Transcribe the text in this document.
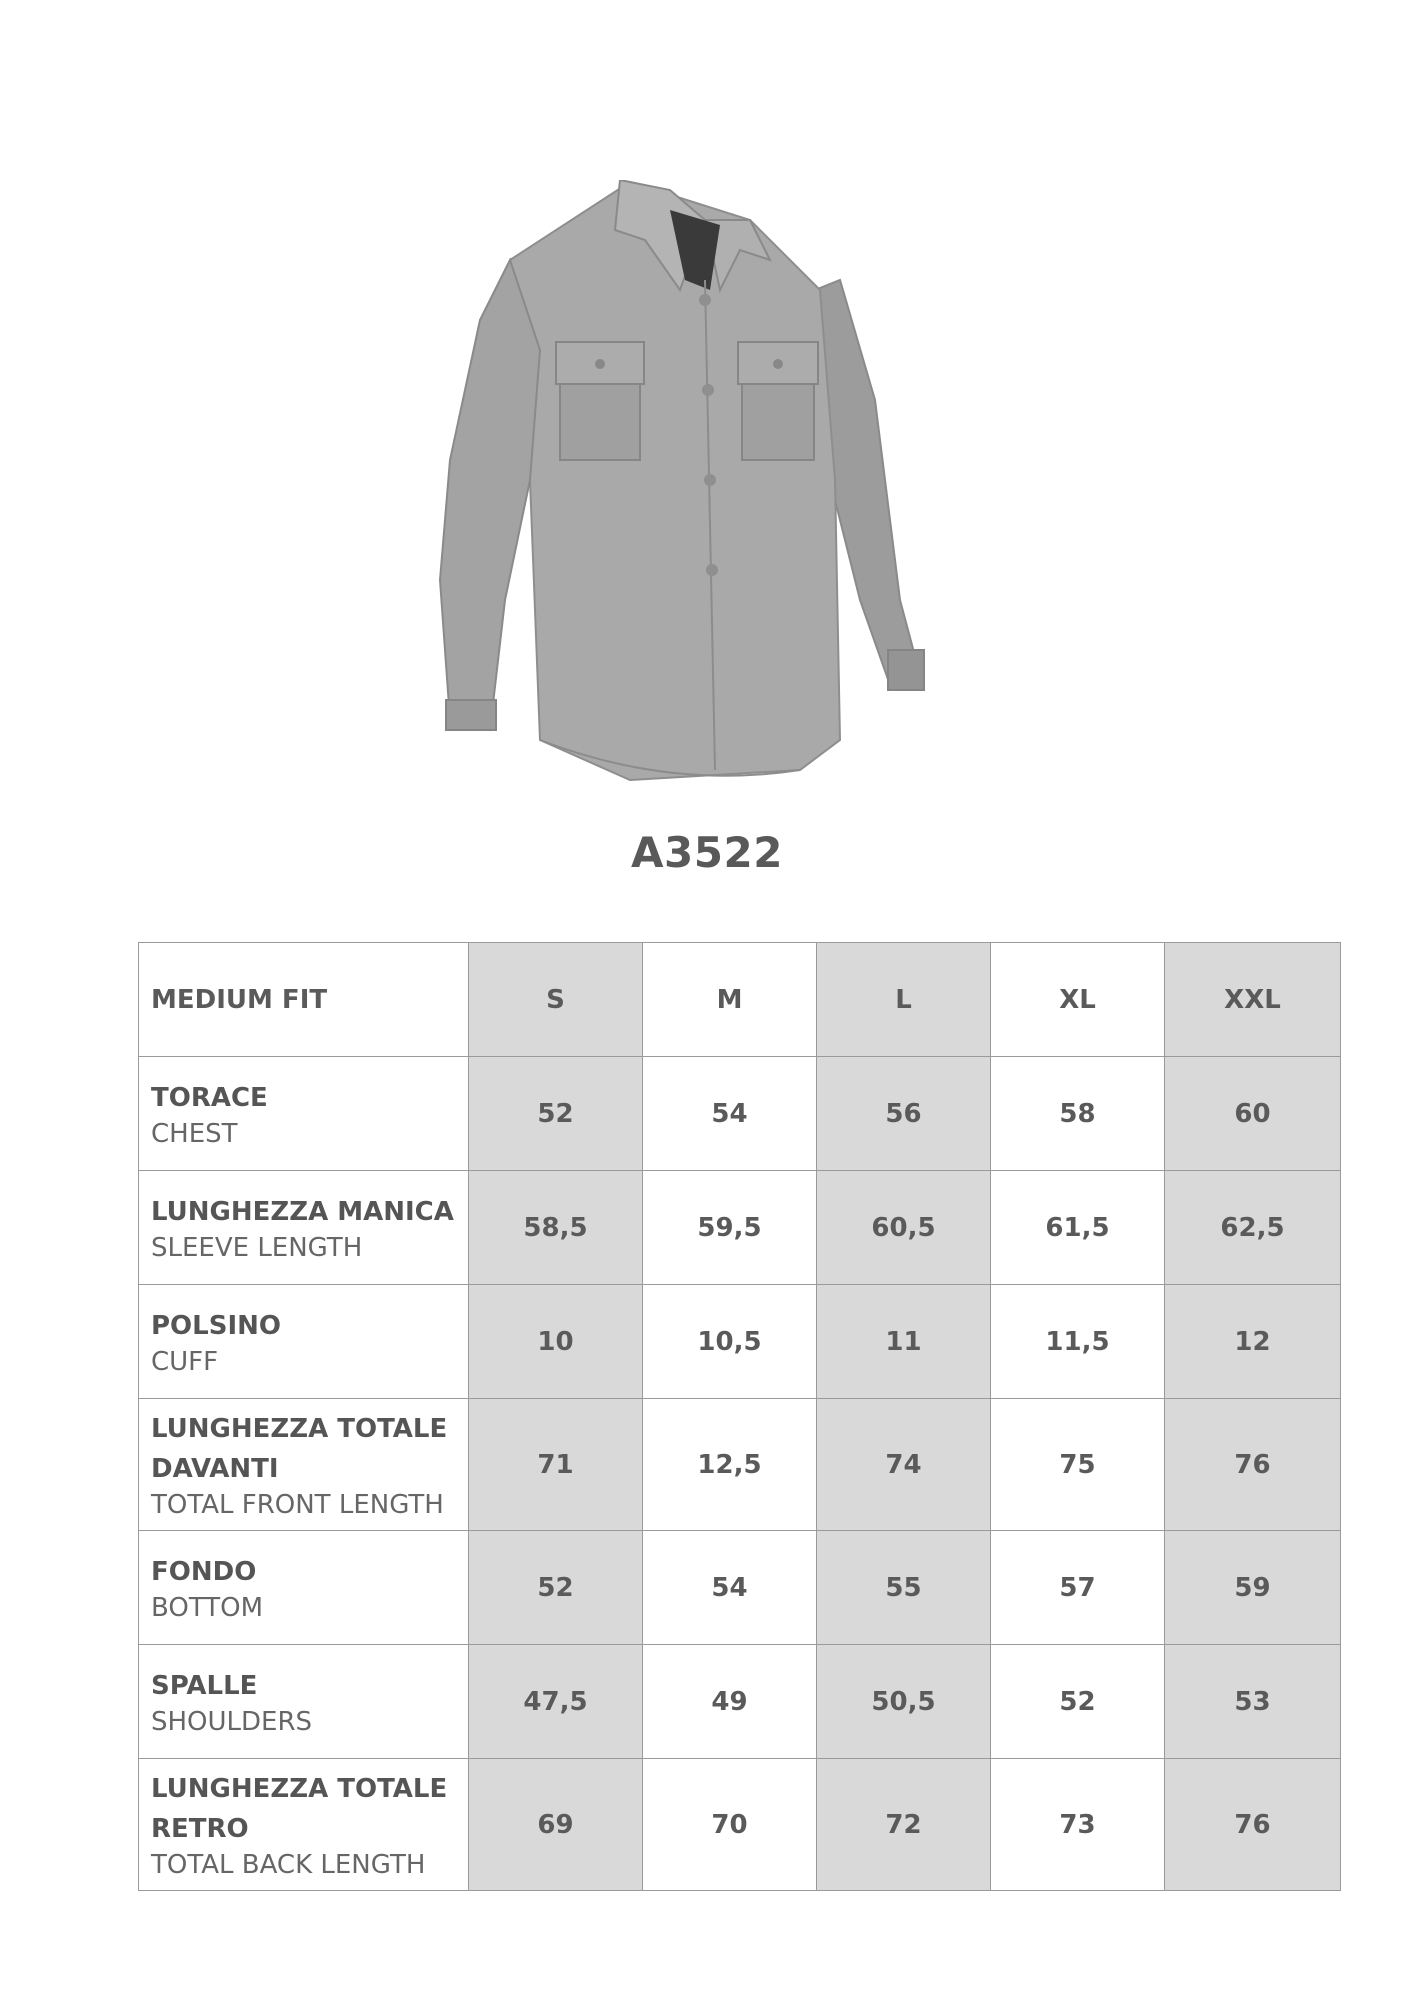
A3522
MEDIUM FIT	S	M	L	XL	XXL

TORACE
CHEST	52	54	56	58	60

LUNGHEZZA MANICA
SLEEVE LENGTH	58,5	59,5	60,5	61,5	62,5

POLSINO
CUFF	10	10,5	11	11,5	12

LUNGHEZZA TOTALE DAVANTI
TOTAL FRONT LENGTH	71	12,5	74	75	76

FONDO
BOTTOM	52	54	55	57	59

SPALLE
SHOULDERS	47,5	49	50,5	52	53

LUNGHEZZA TOTALE RETRO
TOTAL BACK LENGTH	69	70	72	73	76
